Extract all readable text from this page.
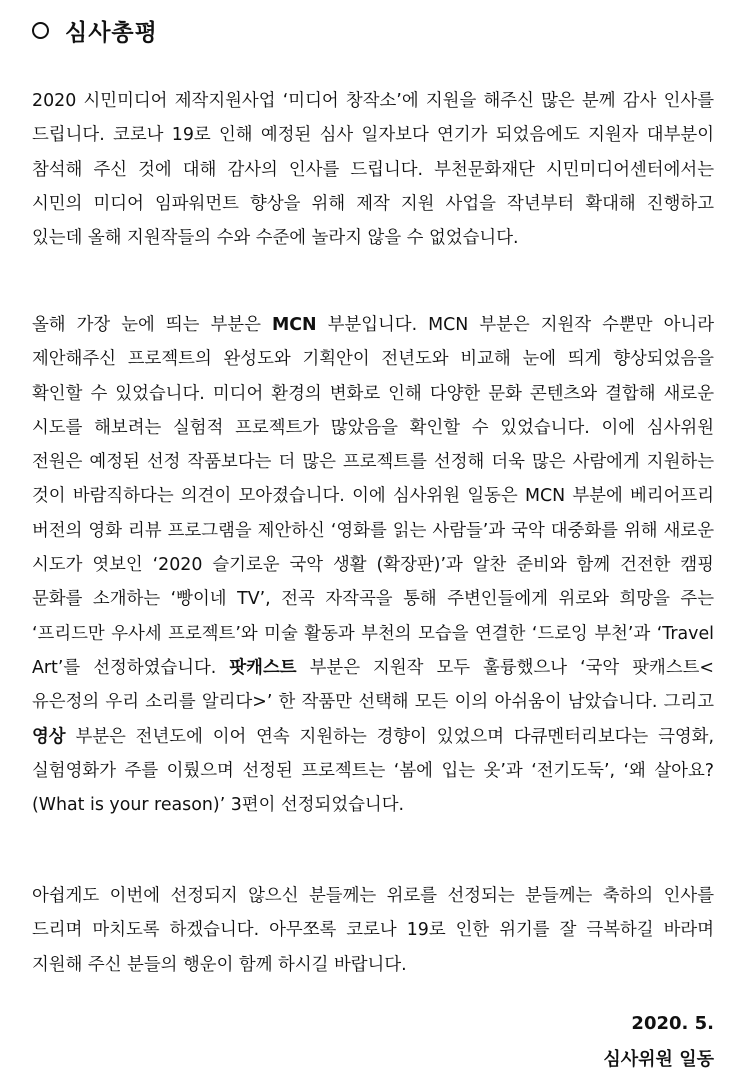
심사총평

2020 시민미디어 제작지원사업 ‘미디어 창작소’에 지원을 해주신 많은 분께 감사 인사를 드립니다. 코로나 19로 인해 예정된 심사 일자보다 연기가 되었음에도 지원자 대부분이 참석해 주신 것에 대해 감사의 인사를 드립니다. 부천문화재단 시민미디어센터에서는 시민의 미디어 임파워먼트 향상을 위해 제작 지원 사업을 작년부터 확대해 진행하고 있는데 올해 지원작들의 수와 수준에 놀라지 않을 수 없었습니다.

올해 가장 눈에 띄는 부분은 MCN 부분입니다. MCN 부분은 지원작 수뿐만 아니라 제안해주신 프로젝트의 완성도와 기획안이 전년도와 비교해 눈에 띄게 향상되었음을 확인할 수 있었습니다. 미디어 환경의 변화로 인해 다양한 문화 콘텐츠와 결합해 새로운 시도를 해보려는 실험적 프로젝트가 많았음을 확인할 수 있었습니다. 이에 심사위원 전원은 예정된 선정 작품보다는 더 많은 프로젝트를 선정해 더욱 많은 사람에게 지원하는 것이 바람직하다는 의견이 모아졌습니다. 이에 심사위원 일동은 MCN 부분에 베리어프리 버전의 영화 리뷰 프로그램을 제안하신 ‘영화를 읽는 사람들’과 국악 대중화를 위해 새로운 시도가 엿보인 ‘2020 슬기로운 국악 생활 (확장판)’과 알찬 준비와 함께 건전한 캠핑 문화를 소개하는 ‘빵이네 TV’, 전곡 자작곡을 통해 주변인들에게 위로와 희망을 주는 ‘프리드만 우사세 프로젝트’와 미술 활동과 부천의 모습을 연결한 ‘드로잉 부천’과 ‘Travel Art’를 선정하였습니다. 팟캐스트 부분은 지원작 모두 훌륭했으나 ‘국악 팟캐스트<유은정의 우리 소리를 알리다>’ 한 작품만 선택해 모든 이의 아쉬움이 남았습니다. 그리고 영상 부분은 전년도에 이어 연속 지원하는 경향이 있었으며 다큐멘터리보다는 극영화, 실험영화가 주를 이뤘으며 선정된 프로젝트는 ‘봄에 입는 옷’과 ‘전기도둑’, ‘왜 살아요? (What is your reason)’ 3편이 선정되었습니다.

아쉽게도 이번에 선정되지 않으신 분들께는 위로를 선정되는 분들께는 축하의 인사를 드리며 마치도록 하겠습니다. 아무쪼록 코로나 19로 인한 위기를 잘 극복하길 바라며 지원해 주신 분들의 행운이 함께 하시길 바랍니다.

2020. 5.
심사위원 일동
